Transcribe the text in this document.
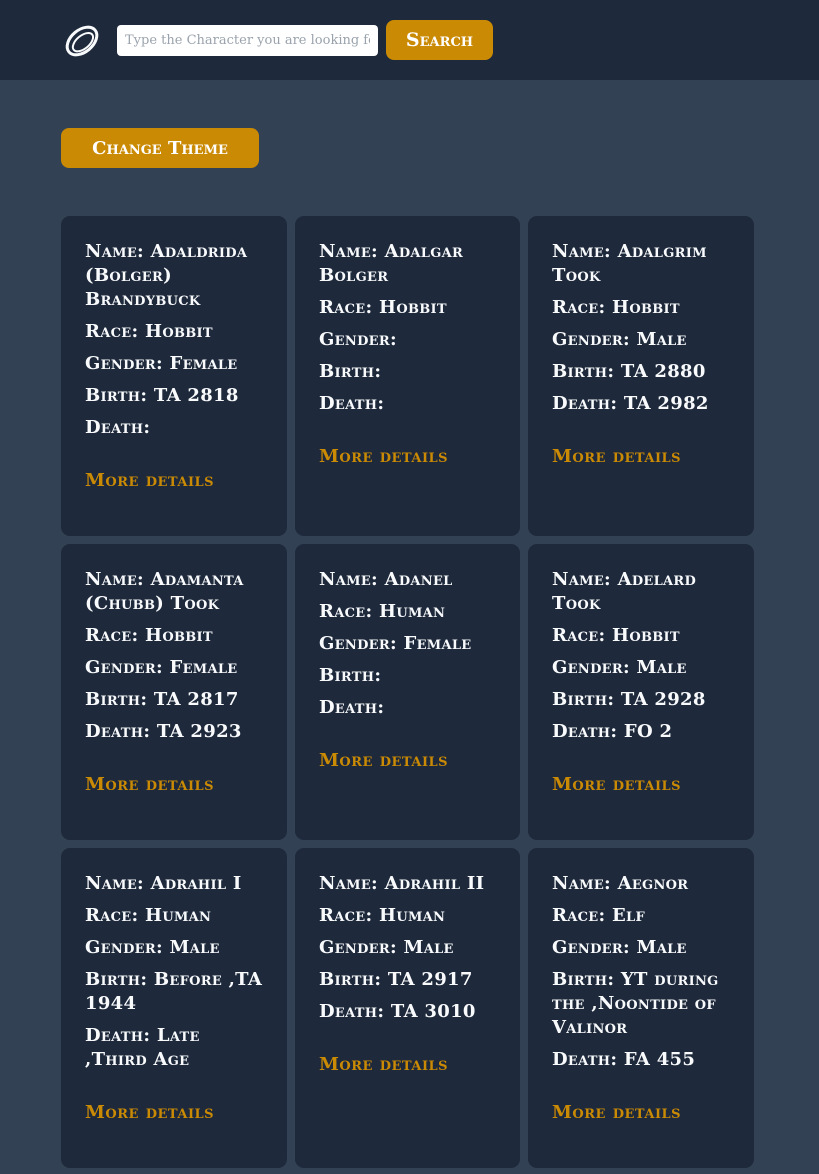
Type the Character you are looking for
Search
Change Theme
Name: Adaldrida (Bolger) Brandybuck
Race: Hobbit
Gender: Female
Birth: TA 2818
Death:
More details
Name: Adalgar Bolger
Race: Hobbit
Gender:
Birth:
Death:
More details
Name: Adalgrim Took
Race: Hobbit
Gender: Male
Birth: TA 2880
Death: TA 2982
More details
Name: Adamanta (Chubb) Took
Race: Hobbit
Gender: Female
Birth: TA 2817
Death: TA 2923
More details
Name: Adanel
Race: Human
Gender: Female
Birth:
Death:
More details
Name: Adelard Took
Race: Hobbit
Gender: Male
Birth: TA 2928
Death: FO 2
More details
Name: Adrahil I
Race: Human
Gender: Male
Birth: Before ,TA 1944
Death: Late ,Third Age
More details
Name: Adrahil II
Race: Human
Gender: Male
Birth: TA 2917
Death: TA 3010
More details
Name: Aegnor
Race: Elf
Gender: Male
Birth: YT during the ,Noontide of Valinor
Death: FA 455
More details
